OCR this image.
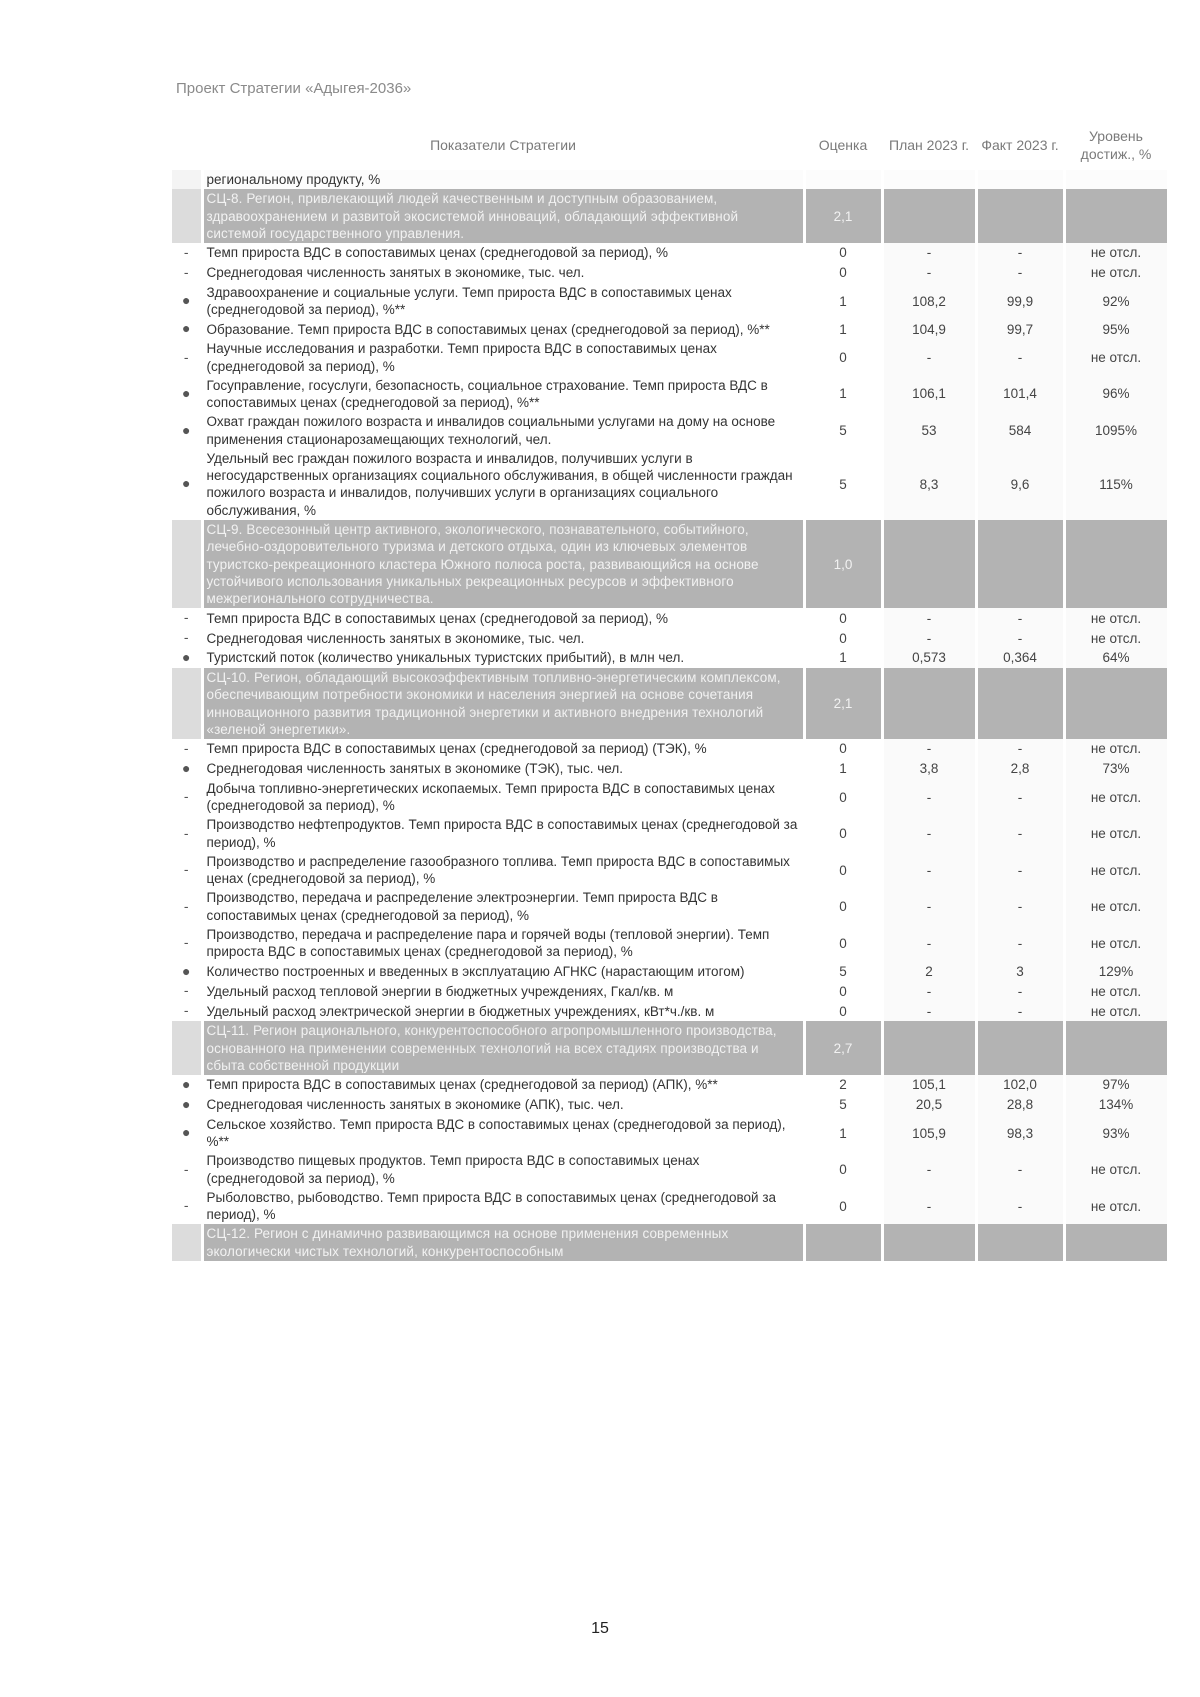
Проект Стратегии «Адыгея-2036»
	Показатели Стратегии	Оценка	План 2023 г.	Факт 2023 г.	Уровень достиж., %
	региональному продукту, %				
	СЦ-8. Регион, привлекающий людей качественным и доступным образованием, здравоохранением и развитой экосистемой инноваций, обладающий эффективной системой государственного управления.	2,1			
-	Темп прироста ВДС в сопоставимых ценах (среднегодовой за период), %	0	-	-	не отсл.
-	Среднегодовая численность занятых в экономике, тыс. чел.	0	-	-	не отсл.
●	Здравоохранение и социальные услуги. Темп прироста ВДС в сопоставимых ценах (среднегодовой за период), %**	1	108,2	99,9	92%
●	Образование. Темп прироста ВДС в сопоставимых ценах (среднегодовой за период), %**	1	104,9	99,7	95%
-	Научные исследования и разработки. Темп прироста ВДС в сопоставимых ценах (среднегодовой за период), %	0	-	-	не отсл.
●	Госуправление, госуслуги, безопасность, социальное страхование. Темп прироста ВДС в сопоставимых ценах (среднегодовой за период), %**	1	106,1	101,4	96%
●	Охват граждан пожилого возраста и инвалидов социальными услугами на дому на основе применения стационарозамещающих технологий, чел.	5	53	584	1095%
●	Удельный вес граждан пожилого возраста и инвалидов, получивших услуги в негосударственных организациях социального обслуживания, в общей численности граждан пожилого возраста и инвалидов, получивших услуги в организациях социального обслуживания, %	5	8,3	9,6	115%
	СЦ-9. Всесезонный центр активного, экологического, познавательного, событийного, лечебно-оздоровительного туризма и детского отдыха, один из ключевых элементов туристско-рекреационного кластера Южного полюса роста, развивающийся на основе устойчивого использования уникальных рекреационных ресурсов и эффективного межрегионального сотрудничества.	1,0			
-	Темп прироста ВДС в сопоставимых ценах (среднегодовой за период), %	0	-	-	не отсл.
-	Среднегодовая численность занятых в экономике, тыс. чел.	0	-	-	не отсл.
●	Туристский поток (количество уникальных туристских прибытий), в млн чел.	1	0,573	0,364	64%
	СЦ-10. Регион, обладающий высокоэффективным топливно-энергетическим комплексом, обеспечивающим потребности экономики и населения энергией на основе сочетания инновационного развития традиционной энергетики и активного внедрения технологий «зеленой энергетики».	2,1			
-	Темп прироста ВДС в сопоставимых ценах (среднегодовой за период) (ТЭК), %	0	-	-	не отсл.
●	Среднегодовая численность занятых в экономике (ТЭК), тыс. чел.	1	3,8	2,8	73%
-	Добыча топливно-энергетических ископаемых. Темп прироста ВДС в сопоставимых ценах (среднегодовой за период), %	0	-	-	не отсл.
-	Производство нефтепродуктов. Темп прироста ВДС в сопоставимых ценах (среднегодовой за период), %	0	-	-	не отсл.
-	Производство и распределение газообразного топлива. Темп прироста ВДС в сопоставимых ценах (среднегодовой за период), %	0	-	-	не отсл.
-	Производство, передача и распределение электроэнергии. Темп прироста ВДС в сопоставимых ценах (среднегодовой за период), %	0	-	-	не отсл.
-	Производство, передача и распределение пара и горячей воды (тепловой энергии). Темп прироста ВДС в сопоставимых ценах (среднегодовой за период), %	0	-	-	не отсл.
●	Количество построенных и введенных в эксплуатацию АГНКС (нарастающим итогом)	5	2	3	129%
-	Удельный расход тепловой энергии в бюджетных учреждениях, Гкал/кв. м	0	-	-	не отсл.
-	Удельный расход электрической энергии в бюджетных учреждениях, кВт*ч./кв. м	0	-	-	не отсл.
	СЦ-11. Регион рационального, конкурентоспособного агропромышленного производства, основанного на применении современных технологий на всех стадиях производства и сбыта собственной продукции	2,7			
●	Темп прироста ВДС в сопоставимых ценах (среднегодовой за период) (АПК), %**	2	105,1	102,0	97%
●	Среднегодовая численность занятых в экономике (АПК), тыс. чел.	5	20,5	28,8	134%
●	Сельское хозяйство. Темп прироста ВДС в сопоставимых ценах (среднегодовой за период), %**	1	105,9	98,3	93%
-	Производство пищевых продуктов. Темп прироста ВДС в сопоставимых ценах (среднегодовой за период), %	0	-	-	не отсл.
-	Рыболовство, рыбоводство. Темп прироста ВДС в сопоставимых ценах (среднегодовой за период), %	0	-	-	не отсл.
	СЦ-12. Регион с динамично развивающимся на основе применения современных экологически чистых технологий, конкурентоспособным				
15
